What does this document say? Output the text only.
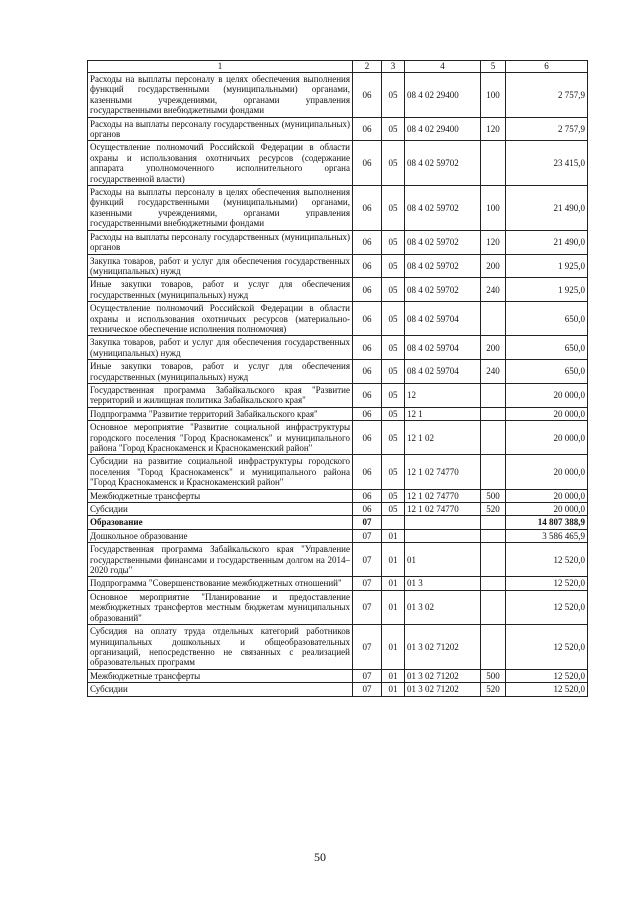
1	2	3	4	5	6
Расходы на выплаты персоналу в целях обеспечения выполнения функций государственными (муниципальными) органами, казенными учреждениями, органами управления государственными внебюджетными фондами	06	05	08 4 02 29400	100	2 757,9
Расходы на выплаты персоналу государственных (муниципальных) органов	06	05	08 4 02 29400	120	2 757,9
Осуществление полномочий Российской Федерации в области охраны и использования охотничьих ресурсов (содержание аппарата уполномоченного исполнительного органа государственной власти)	06	05	08 4 02 59702		23 415,0
Расходы на выплаты персоналу в целях обеспечения выполнения функций государственными (муниципальными) органами, казенными учреждениями, органами управления государственными внебюджетными фондами	06	05	08 4 02 59702	100	21 490,0
Расходы на выплаты персоналу государственных (муниципальных) органов	06	05	08 4 02 59702	120	21 490,0
Закупка товаров, работ и услуг для обеспечения государственных (муниципальных) нужд	06	05	08 4 02 59702	200	1 925,0
Иные закупки товаров, работ и услуг для обеспечения государственных (муниципальных) нужд	06	05	08 4 02 59702	240	1 925,0
Осуществление полномочий Российской Федерации в области охраны и использования охотничьих ресурсов (материально-техническое обеспечение исполнения полномочия)	06	05	08 4 02 59704		650,0
Закупка товаров, работ и услуг для обеспечения государственных (муниципальных) нужд	06	05	08 4 02 59704	200	650,0
Иные закупки товаров, работ и услуг для обеспечения государственных (муниципальных) нужд	06	05	08 4 02 59704	240	650,0
Государственная программа Забайкальского края "Развитие территорий и жилищная политика Забайкальского края"	06	05	12		20 000,0
Подпрограмма "Развитие территорий Забайкальского края"	06	05	12 1		20 000,0
Основное мероприятие "Развитие социальной инфраструктуры городского поселения "Город Краснокаменск" и муниципального района "Город Краснокаменск и Краснокаменский район"	06	05	12 1 02		20 000,0
Субсидии на развитие социальной инфраструктуры городского поселения "Город Краснокаменск" и муниципального района "Город Краснокаменск и Краснокаменский район"	06	05	12 1 02 74770		20 000,0
Межбюджетные трансферты	06	05	12 1 02 74770	500	20 000,0
Субсидии	06	05	12 1 02 74770	520	20 000,0
Образование	07				14 807 388,9
Дошкольное образование	07	01			3 586 465,9
Государственная программа Забайкальского края "Управление государственными финансами и государственным долгом на 2014–2020 годы"	07	01	01		12 520,0
Подпрограмма "Совершенствование межбюджетных отношений"	07	01	01 3		12 520,0
Основное мероприятие "Планирование и предоставление межбюджетных трансфертов местным бюджетам муниципальных образований"	07	01	01 3 02		12 520,0
Субсидия на оплату труда отдельных категорий работников муниципальных дошкольных и общеобразовательных организаций, непосредственно не связанных с реализацией образовательных программ	07	01	01 3 02 71202		12 520,0
Межбюджетные трансферты	07	01	01 3 02 71202	500	12 520,0
Субсидии	07	01	01 3 02 71202	520	12 520,0
50
